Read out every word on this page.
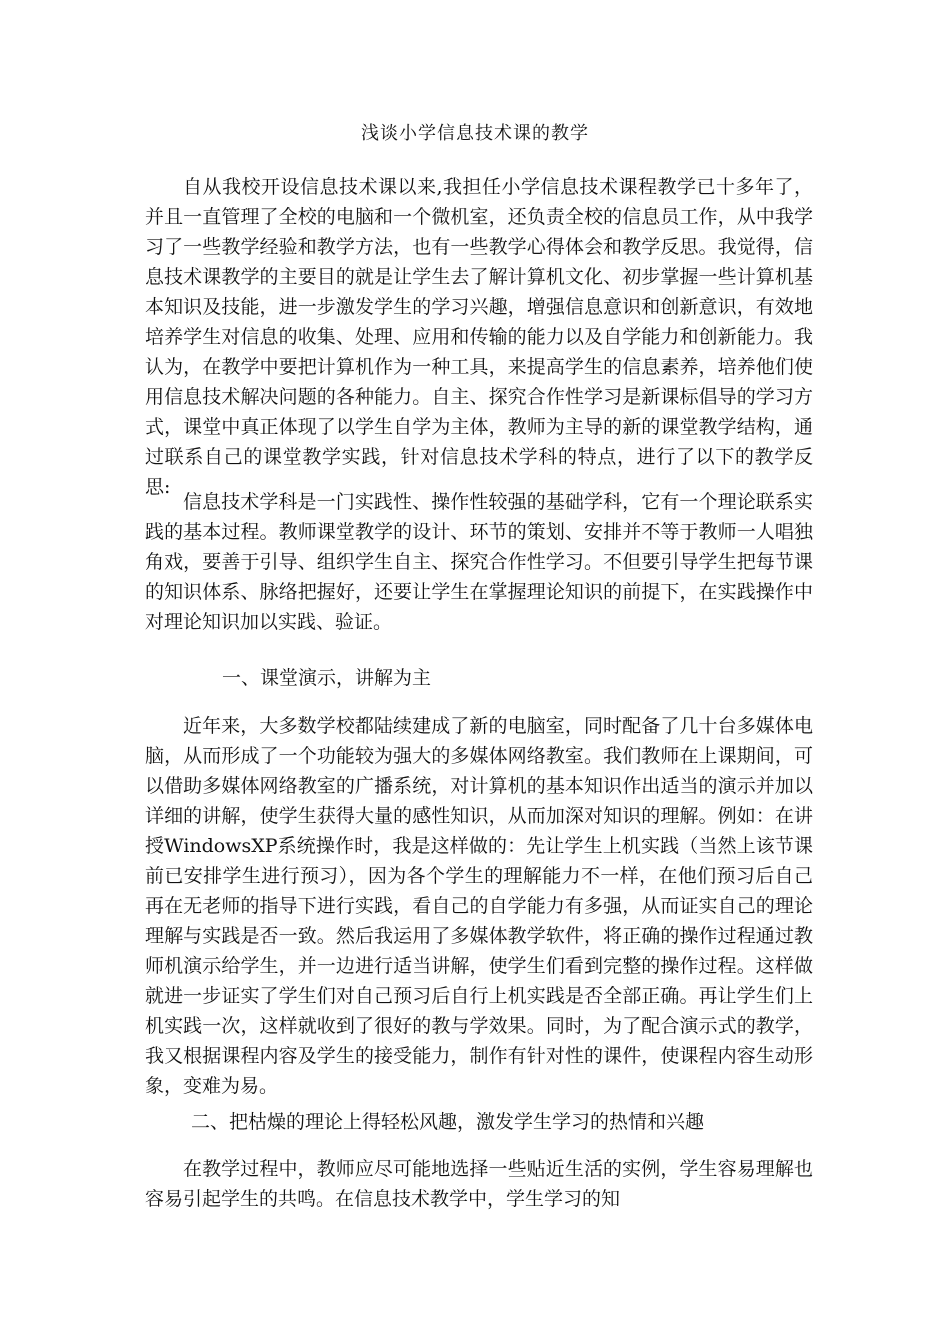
浅谈小学信息技术课的教学

自从我校开设信息技术课以来,我担任小学信息技术课程教学已十多年了，并且一直管理了全校的电脑和一个微机室，还负责全校的信息员工作，从中我学习了一些教学经验和教学方法，也有一些教学心得体会和教学反思。我觉得，信息技术课教学的主要目的就是让学生去了解计算机文化、初步掌握一些计算机基本知识及技能，进一步激发学生的学习兴趣，增强信息意识和创新意识，有效地培养学生对信息的收集、处理、应用和传输的能力以及自学能力和创新能力。我认为，在教学中要把计算机作为一种工具，来提高学生的信息素养，培养他们使用信息技术解决问题的各种能力。自主、探究合作性学习是新课标倡导的学习方式，课堂中真正体现了以学生自学为主体，教师为主导的新的课堂教学结构，通过联系自己的课堂教学实践，针对信息技术学科的特点，进行了以下的教学反思:

信息技术学科是一门实践性、操作性较强的基础学科，它有一个理论联系实践的基本过程。教师课堂教学的设计、环节的策划、安排并不等于教师一人唱独角戏，要善于引导、组织学生自主、探究合作性学习。不但要引导学生把每节课的知识体系、脉络把握好，还要让学生在掌握理论知识的前提下，在实践操作中对理论知识加以实践、验证。

一、课堂演示，讲解为主

近年来，大多数学校都陆续建成了新的电脑室，同时配备了几十台多媒体电脑，从而形成了一个功能较为强大的多媒体网络教室。我们教师在上课期间，可以借助多媒体网络教室的广播系统，对计算机的基本知识作出适当的演示并加以详细的讲解，使学生获得大量的感性知识，从而加深对知识的理解。例如：在讲授WindowsXP系统操作时，我是这样做的：先让学生上机实践（当然上该节课前已安排学生进行预习），因为各个学生的理解能力不一样，在他们预习后自己再在无老师的指导下进行实践，看自己的自学能力有多强，从而证实自己的理论理解与实践是否一致。然后我运用了多媒体教学软件，将正确的操作过程通过教师机演示给学生，并一边进行适当讲解，使学生们看到完整的操作过程。这样做就进一步证实了学生们对自己预习后自行上机实践是否全部正确。再让学生们上机实践一次，这样就收到了很好的教与学效果。同时，为了配合演示式的教学，我又根据课程内容及学生的接受能力，制作有针对性的课件，使课程内容生动形象，变难为易。

二、把枯燥的理论上得轻松风趣，激发学生学习的热情和兴趣

在教学过程中，教师应尽可能地选择一些贴近生活的实例，学生容易理解也容易引起学生的共鸣。在信息技术教学中，学生学习的知
